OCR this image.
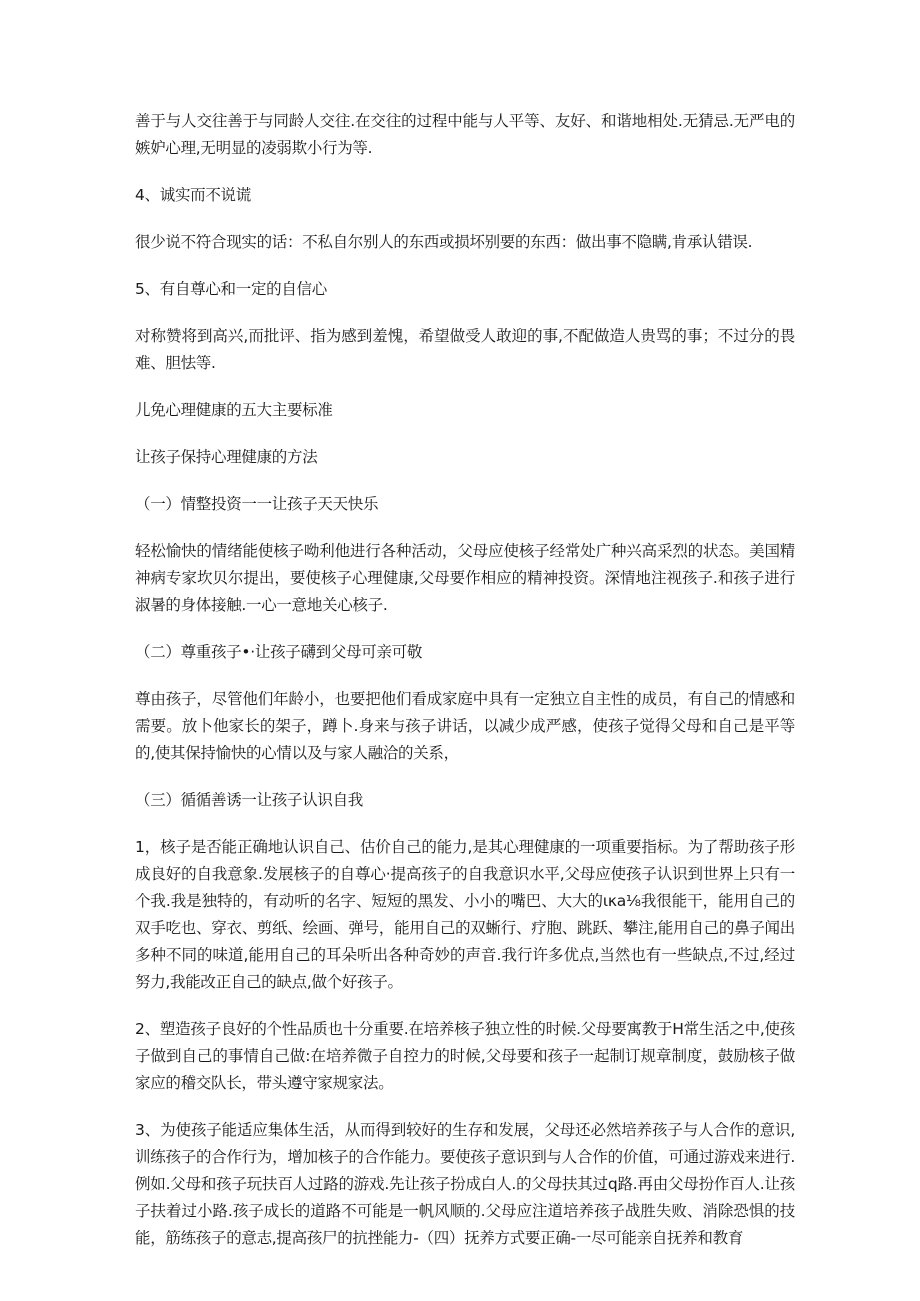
善于与人交往善于与同龄人交往.在交往的过程中能与人平等、友好、和谐地相处.无猜忌.无严电的嫉妒心理,无明显的凌弱欺小行为等.

4、诚实而不说谎

很少说不符合现实的话：不私自尔别人的东西或损坏别要的东西：做出事不隐瞒,肯承认错误.

5、有自尊心和一定的自信心

对称赞将到高兴,而批评、指为感到羞愧，希望做受人敢迎的事,不配做造人贵骂的事；不过分的畏难、胆怯等.

儿免心理健康的五大主要标准

让孩子保持心理健康的方法

（一）情整投资一一让孩子天天快乐

轻松愉快的情绪能使核子呦利他进行各种活动，父母应使核子经常处广种兴高采烈的状态。美国精神病专家坎贝尔提出，要使核子心理健康,父母要作相应的精神投资。深情地注视孩子.和孩子进行淑暑的身体接触.一心一意地关心核子.

（二）尊重孩子•·让孩子礴到父母可亲可敬

尊由孩子，尽管他们年龄小，也要把他们看成家庭中具有一定独立自主性的成员，有自己的情感和需要。放卜他家长的架子，蹲卜.身来与孩子讲话，以减少成严感，使孩子觉得父母和自己是平等的,使其保持愉快的心情以及与家人融洽的关系，

（三）循循善诱一让孩子认识自我

1，核子是否能正确地认识自己、估价自己的能力,是其心理健康的一项重要指标。为了帮助孩子形成良好的自我意象.发展核子的自尊心·提高孩子的自我意识水平,父母应使孩子认识到世界上只有一个我.我是独特的，有动听的名字、短短的黑发、小小的嘴巴、大大的ικa⅛我很能干，能用自己的双手吃也、穿衣、剪纸、绘画、弹号，能用自己的双蜥行、疗胞、跳跃、攀注,能用自己的鼻子闻出多种不同的味道,能用自己的耳朵听出各种奇妙的声音.我行许多优点,当然也有一些缺点,不过,经过努力,我能改正自己的缺点,做个好孩子。

2、塑造孩子良好的个性品质也十分重要.在培养核子独立性的时候.父母要寓教于H常生活之中,使孩子做到自己的事情自己做:在培养微子自控力的时候,父母要和孩子一起制订规章制度，鼓励核子做家应的稽交队长，带头遵守家规家法。

3、为使孩子能适应集体生活，从而得到较好的生存和发展，父母还必然培养孩子与人合作的意识,训练孩子的合作行为，增加核子的合作能力。要使孩子意识到与人合作的价值，可通过游戏来进行.例如.父母和孩子玩扶百人过路的游戏.先让孩子扮成白人.的父母扶其过q路.再由父母扮作百人.让孩子扶着过小路.孩子成长的道路不可能是一帆风顺的.父母应注道培养孩子战胜失败、消除恐惧的技能，筋练孩子的意志,提高孩尸的抗挫能力-（四）抚养方式要正确-一尽可能亲自抚养和教育
